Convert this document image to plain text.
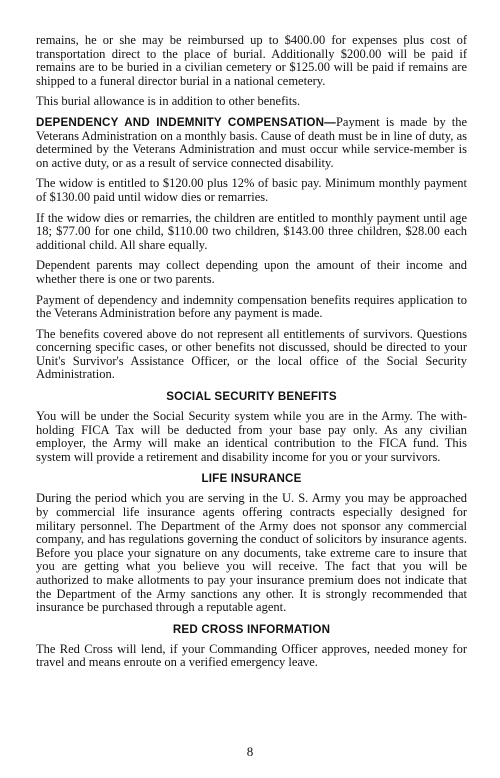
remains, he or she may be reimbursed up to $400.00 for expenses plus cost of transportation direct to the place of burial. Additionally $200.00 will be paid if remains are to be buried in a civilian cemetery or $125.00 will be paid if remains are shipped to a funeral director burial in a national cemetery.

This burial allowance is in addition to other benefits.

DEPENDENCY AND INDEMNITY COMPENSATION—Payment is made by the Veterans Administration on a monthly basis. Cause of death must be in line of duty, as determined by the Veterans Administration and must occur while service-member is on active duty, or as a result of service connected disability.

The widow is entitled to $120.00 plus 12% of basic pay. Minimum monthly payment of $130.00 paid until widow dies or remarries.

If the widow dies or remarries, the children are entitled to monthly payment until age 18; $77.00 for one child, $110.00 two children, $143.00 three children, $28.00 each additional child. All share equally.

Dependent parents may collect depending upon the amount of their income and whether there is one or two parents.

Payment of dependency and indemnity compensation benefits requires application to the Veterans Administration before any payment is made.

The benefits covered above do not represent all entitlements of survivors. Questions concerning specific cases, or other benefits not discussed, should be directed to your Unit's Survivor's Assistance Officer, or the local office of the Social Security Administration.

SOCIAL SECURITY BENEFITS

You will be under the Social Security system while you are in the Army. The with-holding FICA Tax will be deducted from your base pay only. As any civilian employer, the Army will make an identical contribution to the FICA fund. This system will provide a retirement and disability income for you or your survivors.

LIFE INSURANCE

During the period which you are serving in the U. S. Army you may be approached by commercial life insurance agents offering contracts especially designed for military personnel. The Department of the Army does not sponsor any commercial company, and has regulations governing the conduct of solicitors by insurance agents. Before you place your signature on any documents, take extreme care to insure that you are getting what you believe you will receive. The fact that you will be authorized to make allotments to pay your insurance premium does not indicate that the Department of the Army sanctions any other. It is strongly recommended that insurance be purchased through a reputable agent.

RED CROSS INFORMATION

The Red Cross will lend, if your Commanding Officer approves, needed money for travel and means enroute on a verified emergency leave.

8
